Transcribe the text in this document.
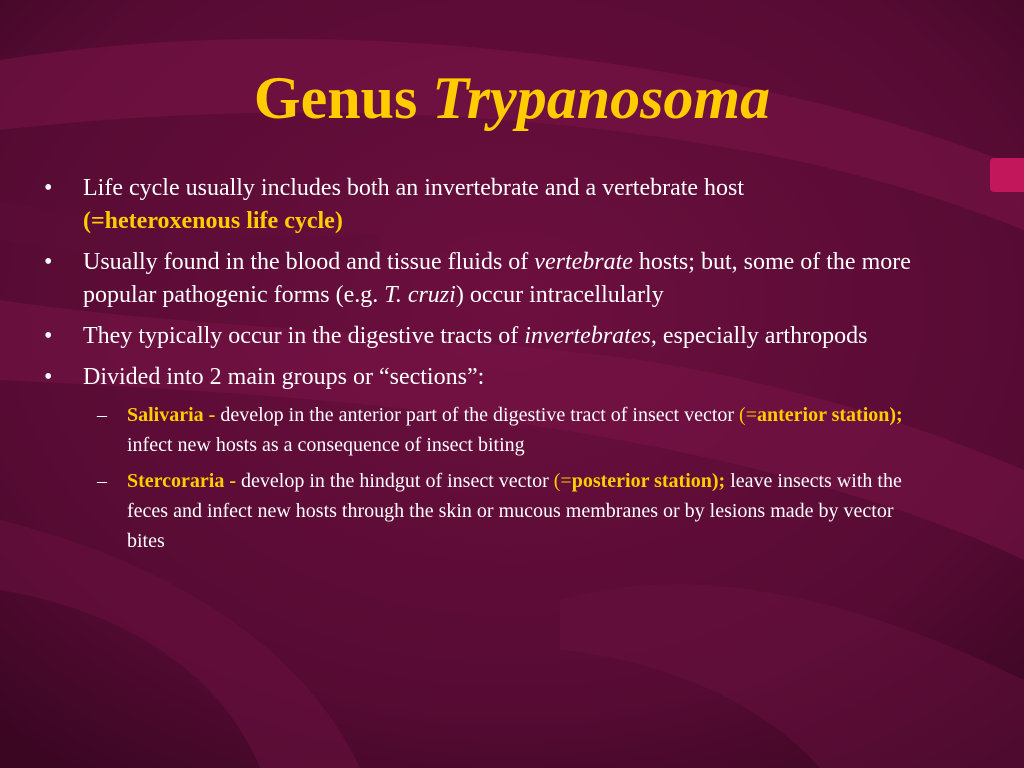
Genus Trypanosoma
•	Life cycle usually includes both an invertebrate and a vertebrate host
(=heteroxenous life cycle)
•	Usually found in the blood and tissue fluids of vertebrate hosts; but, some of the more popular pathogenic forms (e.g. T. cruzi) occur intracellularly
•	They typically occur in the digestive tracts of invertebrates, especially arthropods
•	Divided into 2 main groups or “sections”:
– Salivaria - develop in the anterior part of the digestive tract of insect vector (=anterior station); infect new hosts as a consequence of insect biting
– Stercoraria - develop in the hindgut of insect vector (=posterior station); leave insects with the feces and infect new hosts through the skin or mucous membranes or by lesions made by vector bites
